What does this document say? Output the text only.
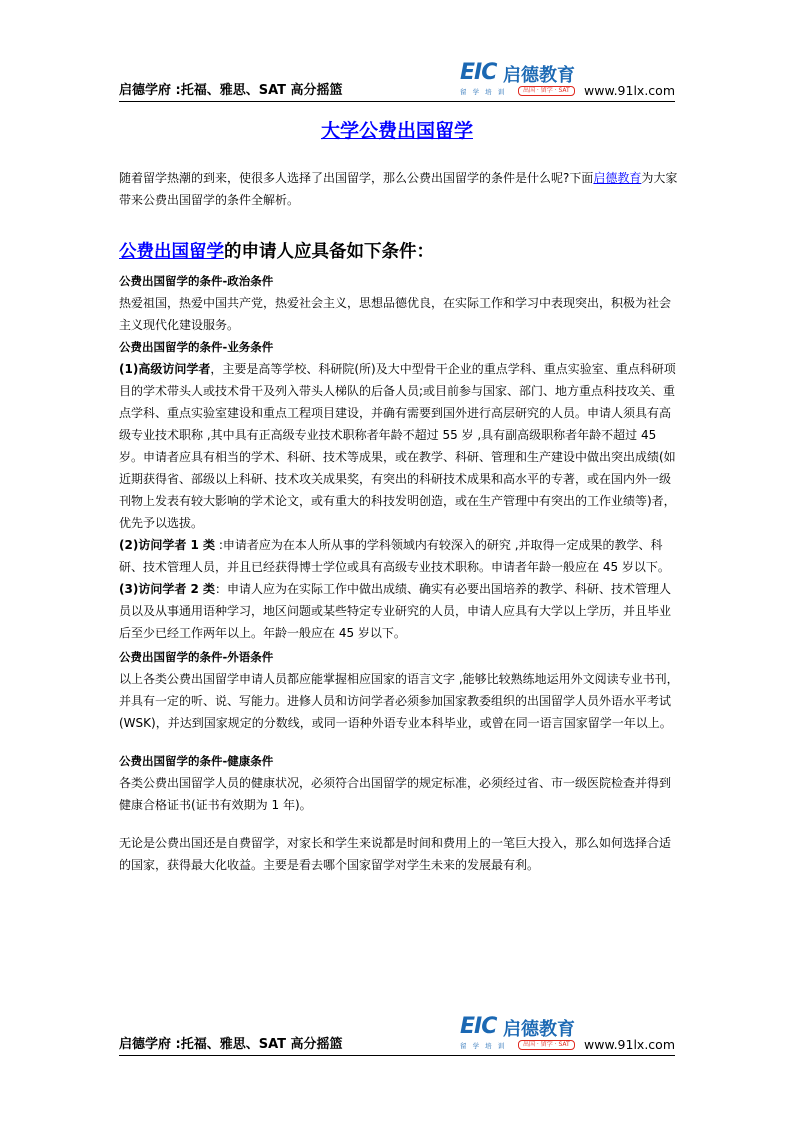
启德学府 :托福、雅思、SAT 高分摇篮
EIC 启德教育
留 学 培 训	出国 · 留学 · SAT	www.91lx.com
大学公费出国留学

随着留学热潮的到来，使很多人选择了出国留学，那么公费出国留学的条件是什么呢?下面启德教育为大家带来公费出国留学的条件全解析。

公费出国留学的申请人应具备如下条件：

公费出国留学的条件-政治条件

热爱祖国，热爱中国共产党，热爱社会主义，思想品德优良，在实际工作和学习中表现突出，积极为社会主义现代化建设服务。

公费出国留学的条件-业务条件

(1)高级访问学者，主要是高等学校、科研院(所)及大中型骨干企业的重点学科、重点实验室、重点科研项目的学术带头人或技术骨干及列入带头人梯队的后备人员;或目前参与国家、部门、地方重点科技攻关、重点学科、重点实验室建设和重点工程项目建设，并确有需要到国外进行高层研究的人员。申请人须具有高级专业技术职称 ,其中具有正高级专业技术职称者年龄不超过 55 岁 ,具有副高级职称者年龄不超过 45 岁。申请者应具有相当的学术、科研、技术等成果，或在教学、科研、管理和生产建设中做出突出成绩(如近期获得省、部级以上科研、技术攻关成果奖，有突出的科研技术成果和高水平的专著，或在国内外一级刊物上发表有较大影响的学术论文，或有重大的科技发明创造，或在生产管理中有突出的工作业绩等)者，优先予以选拔。

(2)访问学者 1 类 :申请者应为在本人所从事的学科领域内有较深入的研究 ,并取得一定成果的教学、科研、技术管理人员，并且已经获得博士学位或具有高级专业技术职称。申请者年龄一般应在 45 岁以下。

(3)访问学者 2 类：申请人应为在实际工作中做出成绩、确实有必要出国培养的教学、科研、技术管理人员以及从事通用语种学习，地区问题或某些特定专业研究的人员，申请人应具有大学以上学历，并且毕业后至少已经工作两年以上。年龄一般应在 45 岁以下。

公费出国留学的条件-外语条件

以上各类公费出国留学申请人员都应能掌握相应国家的语言文字 ,能够比较熟练地运用外文阅读专业书刊，并具有一定的听、说、写能力。进修人员和访问学者必须参加国家教委组织的出国留学人员外语水平考试(WSK)，并达到国家规定的分数线，或同一语种外语专业本科毕业，或曾在同一语言国家留学一年以上。

公费出国留学的条件-健康条件

各类公费出国留学人员的健康状况，必须符合出国留学的规定标准，必须经过省、市一级医院检查并得到健康合格证书(证书有效期为 1 年)。

无论是公费出国还是自费留学，对家长和学生来说都是时间和费用上的一笔巨大投入，那么如何选择合适的国家，获得最大化收益。主要是看去哪个国家留学对学生未来的发展最有利。

启德学府 :托福、雅思、SAT 高分摇篮
EIC 启德教育
留 学 培 训	出国 · 留学 · SAT	www.91lx.com
